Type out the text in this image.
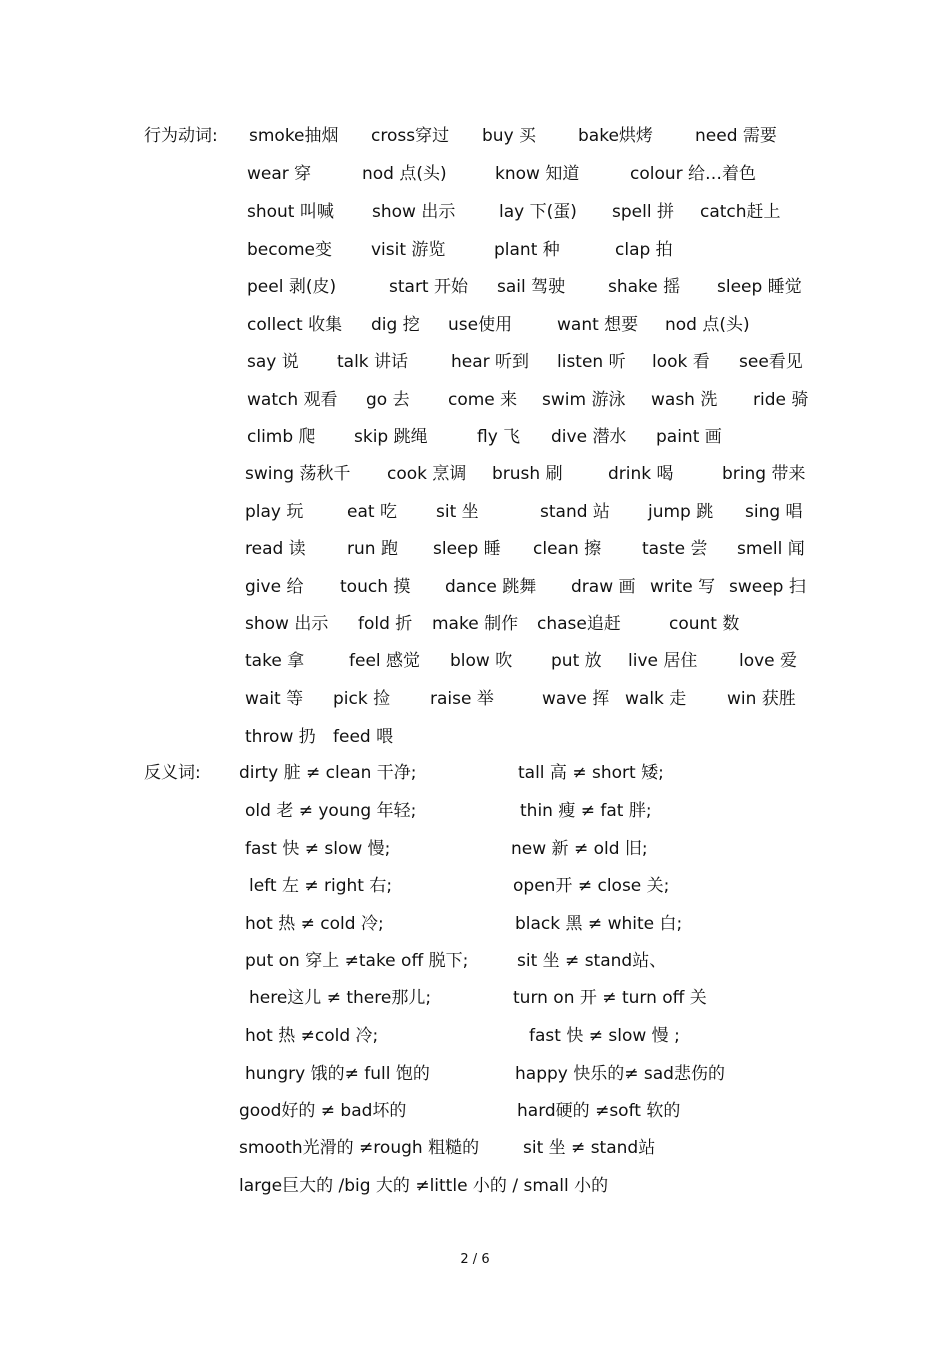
行为动词:
反义词:
smoke抽烟 cross穿过 buy 买 bake烘烤 need 需要
wear 穿	nod 点(头)	know 知道	colour 给…着色
shout 叫喊 show 出示	lay 下(蛋) spell 拼 catch赶上
become变 visit 游览	plant 种	clap 拍
peel 剥(皮)	start 开始 sail 驾驶	shake 摇 sleep 睡觉
collect 收集 dig 挖 use使用	want 想要 nod 点(头)
say 说 talk 讲话	hear 听到 listen 听 look 看 see看见
watch 观看 go 去 come 来 swim 游泳 wash 洗 ride 骑
climb 爬 skip 跳绳	fly 飞 dive 潜水 paint 画
swing 荡秋千 cook 烹调 brush 刷	drink 喝	bring 带来
play 玩	eat 吃 sit 坐	stand 站 jump 跳 sing 唱
read 读 run 跑 sleep 睡 clean 擦 taste 尝 smell 闻
give 给 touch 摸 dance 跳舞 draw 画 write 写 sweep 扫
show 出示 fold 折 make 制作 chase追赶	count 数
take 拿	feel 感觉 blow 吹 put 放 live 居住 love 爱
wait 等 pick 捡 raise 举	wave 挥 walk 走 win 获胜
throw 扔 feed 喂
dirty 脏 ≠ clean 干净;	tall 高 ≠ short 矮;
old 老 ≠ young 年轻;	thin 瘦 ≠ fat 胖;
fast 快 ≠ slow 慢;	new 新 ≠ old 旧;
left 左 ≠ right 右;	open开 ≠ close 关;
hot 热 ≠ cold 冷;	black 黑 ≠ white 白;
put on 穿上 ≠take off 脱下;	sit 坐 ≠ stand站、
here这儿 ≠ there那儿;	turn on 开 ≠ turn off 关
hot 热 ≠cold 冷;	fast 快 ≠ slow 慢 ;
hungry 饿的≠ full 饱的	happy 快乐的≠ sad悲伤的
good好的 ≠ bad坏的	hard硬的 ≠soft 软的
smooth光滑的 ≠rough 粗糙的	sit 坐 ≠ stand站
large巨大的 /big 大的 ≠little 小的 / small 小的
2 / 6
